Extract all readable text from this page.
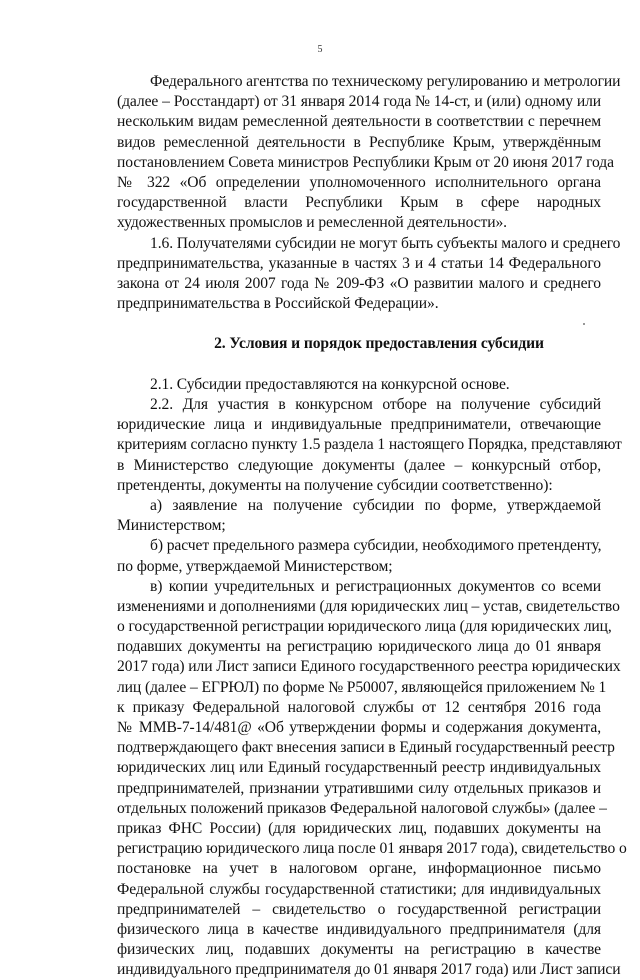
5
Федерального агентства по техническому регулированию и метрологии
(далее – Росстандарт) от 31 января 2014 года № 14-ст, и (или) одному или
нескольким видам ремесленной деятельности в соответствии с перечнем
видов ремесленной деятельности в Республике Крым, утверждённым
постановлением Совета министров Республики Крым от 20 июня 2017 года
№ 322 «Об определении уполномоченного исполнительного органа
государственной власти Республики Крым в сфере народных
художественных промыслов и ремесленной деятельности».
1.6. Получателями субсидии не могут быть субъекты малого и среднего
предпринимательства, указанные в частях 3 и 4 статьи 14 Федерального
закона от 24 июля 2007 года № 209-ФЗ «О развитии малого и среднего
предпринимательства в Российской Федерации».
2. Условия и порядок предоставления субсидии
2.1. Субсидии предоставляются на конкурсной основе.
2.2. Для участия в конкурсном отборе на получение субсидий
юридические лица и индивидуальные предприниматели, отвечающие
критериям согласно пункту 1.5 раздела 1 настоящего Порядка, представляют
в Министерство следующие документы (далее – конкурсный отбор,
претенденты, документы на получение субсидии соответственно):
а) заявление на получение субсидии по форме, утверждаемой
Министерством;
б) расчет предельного размера субсидии, необходимого претенденту,
по форме, утверждаемой Министерством;
в) копии учредительных и регистрационных документов со всеми
изменениями и дополнениями (для юридических лиц – устав, свидетельство
о государственной регистрации юридического лица (для юридических лиц,
подавших документы на регистрацию юридического лица до 01 января
2017 года) или Лист записи Единого государственного реестра юридических
лиц (далее – ЕГРЮЛ) по форме № Р50007, являющейся приложением № 1
к приказу Федеральной налоговой службы от 12 сентября 2016 года
№ ММВ-7-14/481@ «Об утверждении формы и содержания документа,
подтверждающего факт внесения записи в Единый государственный реестр
юридических лиц или Единый государственный реестр индивидуальных
предпринимателей, признании утратившими силу отдельных приказов и
отдельных положений приказов Федеральной налоговой службы» (далее –
приказ ФНС России) (для юридических лиц, подавших документы на
регистрацию юридического лица после 01 января 2017 года), свидетельство о
постановке на учет в налоговом органе, информационное письмо
Федеральной службы государственной статистики; для индивидуальных
предпринимателей – свидетельство о государственной регистрации
физического лица в качестве индивидуального предпринимателя (для
физических лиц, подавших документы на регистрацию в качестве
индивидуального предпринимателя до 01 января 2017 года) или Лист записи
